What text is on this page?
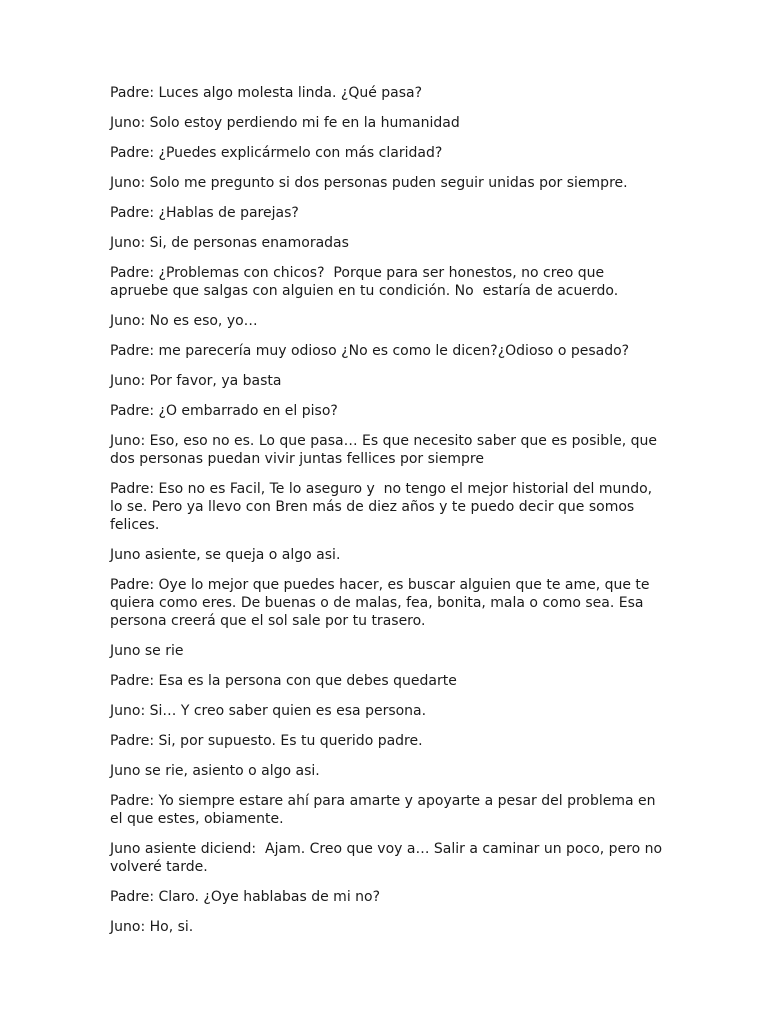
Padre: Luces algo molesta linda. ¿Qué pasa?

Juno: Solo estoy perdiendo mi fe en la humanidad

Padre: ¿Puedes explicármelo con más claridad?

Juno: Solo me pregunto si dos personas puden seguir unidas por siempre.

Padre: ¿Hablas de parejas?

Juno: Si, de personas enamoradas

Padre: ¿Problemas con chicos?  Porque para ser honestos, no creo que apruebe que salgas con alguien en tu condición. No  estaría de acuerdo.

Juno: No es eso, yo…

Padre: me parecería muy odioso ¿No es como le dicen?¿Odioso o pesado?

Juno: Por favor, ya basta

Padre: ¿O embarrado en el piso?

Juno: Eso, eso no es. Lo que pasa… Es que necesito saber que es posible, que dos personas puedan vivir juntas fellices por siempre

Padre: Eso no es Facil, Te lo aseguro y  no tengo el mejor historial del mundo, lo se. Pero ya llevo con Bren más de diez años y te puedo decir que somos felices.

Juno asiente, se queja o algo asi.

Padre: Oye lo mejor que puedes hacer, es buscar alguien que te ame, que te quiera como eres. De buenas o de malas, fea, bonita, mala o como sea. Esa persona creerá que el sol sale por tu trasero.

Juno se rie

Padre: Esa es la persona con que debes quedarte

Juno: Si… Y creo saber quien es esa persona.

Padre: Si, por supuesto. Es tu querido padre.

Juno se rie, asiento o algo asi.

Padre: Yo siempre estare ahí para amarte y apoyarte a pesar del problema en el que estes, obiamente.

Juno asiente diciend:  Ajam. Creo que voy a… Salir a caminar un poco, pero no volveré tarde.

Padre: Claro. ¿Oye hablabas de mi no?

Juno: Ho, si.
